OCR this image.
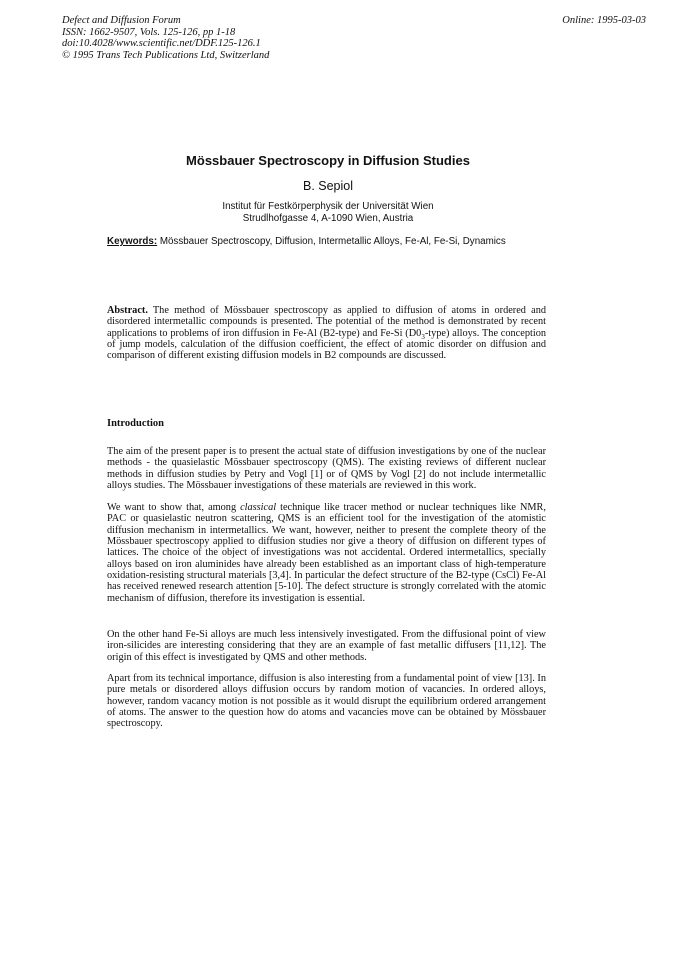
Defect and Diffusion Forum
ISSN: 1662-9507, Vols. 125-126, pp 1-18
doi:10.4028/www.scientific.net/DDF.125-126.1
© 1995 Trans Tech Publications Ltd, Switzerland
Online: 1995-03-03
Mössbauer Spectroscopy in Diffusion Studies
B. Sepiol
Institut für Festkörperphysik der Universität Wien
Strudlhofgasse 4, A-1090 Wien, Austria
Keywords: Mössbauer Spectroscopy, Diffusion, Intermetallic Alloys, Fe-Al, Fe-Si, Dynamics
Abstract. The method of Mössbauer spectroscopy as applied to diffusion of atoms in ordered and disordered intermetallic compounds is presented. The potential of the method is demonstrated by recent applications to problems of iron diffusion in Fe-Al (B2-type) and Fe-Si $(D0_3-type)$ alloys. The conception of jump models, calculation of the diffusion coefficient, the effect of atomic disorder on diffusion and comparison of different existing diffusion models in B2 compounds are discussed.
Introduction

The aim of the present paper is to present the actual state of diffusion investigations by one of the nuclear methods - the quasielastic Mössbauer spectroscopy (QMS). The existing reviews of different nuclear methods in diffusion studies by Petry and Vogl [1] or of QMS by Vogl [2] do not include intermetallic alloys studies. The Mössbauer investigations of these materials are reviewed in this work.

We want to show that, among classical technique like tracer method or nuclear techniques like NMR, PAC or quasielastic neutron scattering, QMS is an efficient tool for the investigation of the atomistic diffusion mechanism in intermetallics. We want, however, neither to present the complete theory of the Mössbauer spectroscopy applied to diffusion studies nor give a theory of diffusion on different types of lattices. The choice of the object of investigations was not accidental. Ordered intermetallics, specially alloys based on iron aluminides have already been established as an important class of high-temperature oxidation-resisting structural materials [3,4]. In particular the defect structure of the B2-type (CsCl) Fe-Al has received renewed research attention [5-10]. The defect structure is strongly correlated with the atomic mechanism of diffusion, therefore its investigation is essential.

On the other hand Fe-Si alloys are much less intensively investigated. From the diffusional point of view iron-silicides are interesting considering that they are an example of fast metallic diffusers [11,12]. The origin of this effect is investigated by QMS and other methods.

Apart from its technical importance, diffusion is also interesting from a fundamental point of view [13]. In pure metals or disordered alloys diffusion occurs by random motion of vacancies. In ordered alloys, however, random vacancy motion is not possible as it would disrupt the equilibrium ordered arrangement of atoms. The answer to the question how do atoms and vacancies move can be obtained by Mössbauer spectroscopy.
